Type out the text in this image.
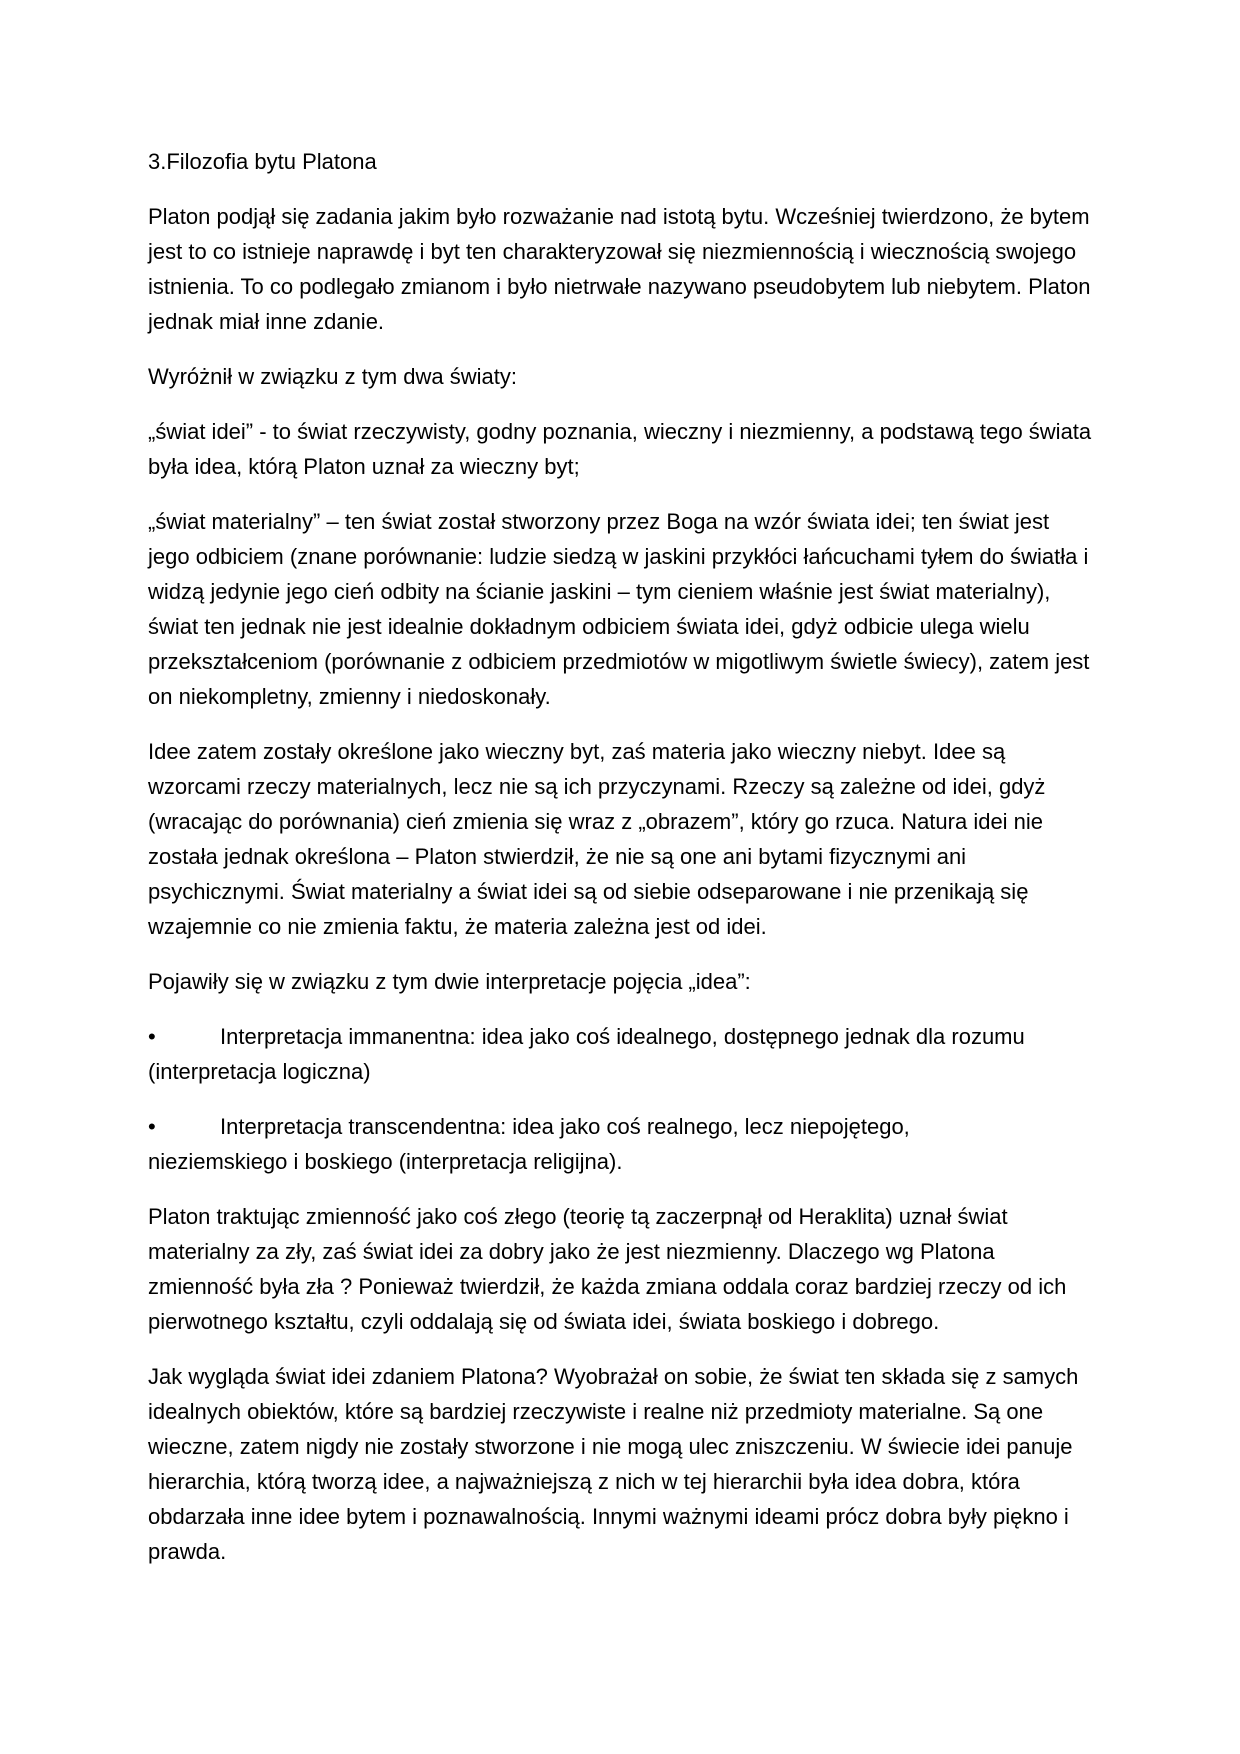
3.Filozofia bytu Platona

Platon podjął się zadania jakim było rozważanie nad istotą bytu. Wcześniej twierdzono, że bytem jest to co istnieje naprawdę i byt ten charakteryzował się niezmiennością i wiecznością swojego istnienia. To co podlegało zmianom i było nietrwałe nazywano pseudobytem lub niebytem. Platon jednak miał inne zdanie.

Wyróżnił w związku z tym dwa światy:

„świat idei” - to świat rzeczywisty, godny poznania, wieczny i niezmienny, a podstawą tego świata była idea, którą Platon uznał za wieczny byt;

„świat materialny” – ten świat został stworzony przez Boga na wzór świata idei; ten świat jest jego odbiciem (znane porównanie: ludzie siedzą w jaskini przykłóci łańcuchami tyłem do światła i widzą jedynie jego cień odbity na ścianie jaskini – tym cieniem właśnie jest świat materialny), świat ten jednak nie jest idealnie dokładnym odbiciem świata idei, gdyż odbicie ulega wielu przekształceniom (porównanie z odbiciem przedmiotów w migotliwym świetle świecy), zatem jest on niekompletny, zmienny i niedoskonały.

Idee zatem zostały określone jako wieczny byt, zaś materia jako wieczny niebyt. Idee są wzorcami rzeczy materialnych, lecz nie są ich przyczynami. Rzeczy są zależne od idei, gdyż (wracając do porównania) cień zmienia się wraz z „obrazem”, który go rzuca. Natura idei nie została jednak określona – Platon stwierdził, że nie są one ani bytami fizycznymi ani psychicznymi. Świat materialny a świat idei są od siebie odseparowane i nie przenikają się wzajemnie co nie zmienia faktu, że materia zależna jest od idei.

Pojawiły się w związku z tym dwie interpretacje pojęcia „idea”:

•	Interpretacja immanentna: idea jako coś idealnego, dostępnego jednak dla rozumu
(interpretacja logiczna)
•	Interpretacja transcendentna: idea jako coś realnego, lecz niepojętego,
nieziemskiego i boskiego (interpretacja religijna).

Platon traktując zmienność jako coś złego (teorię tą zaczerpnął od Heraklita) uznał świat materialny za zły, zaś świat idei za dobry jako że jest niezmienny. Dlaczego wg Platona zmienność była zła ? Ponieważ twierdził, że każda zmiana oddala coraz bardziej rzeczy od ich pierwotnego kształtu, czyli oddalają się od świata idei, świata boskiego i dobrego.

Jak wygląda świat idei zdaniem Platona? Wyobrażał on sobie, że świat ten składa się z samych idealnych obiektów, które są bardziej rzeczywiste i realne niż przedmioty materialne. Są one wieczne, zatem nigdy nie zostały stworzone i nie mogą ulec zniszczeniu. W świecie idei panuje hierarchia, którą tworzą idee, a najważniejszą z nich w tej hierarchii była idea dobra, która obdarzała inne idee bytem i poznawalnością. Innymi ważnymi ideami prócz dobra były piękno i prawda.
